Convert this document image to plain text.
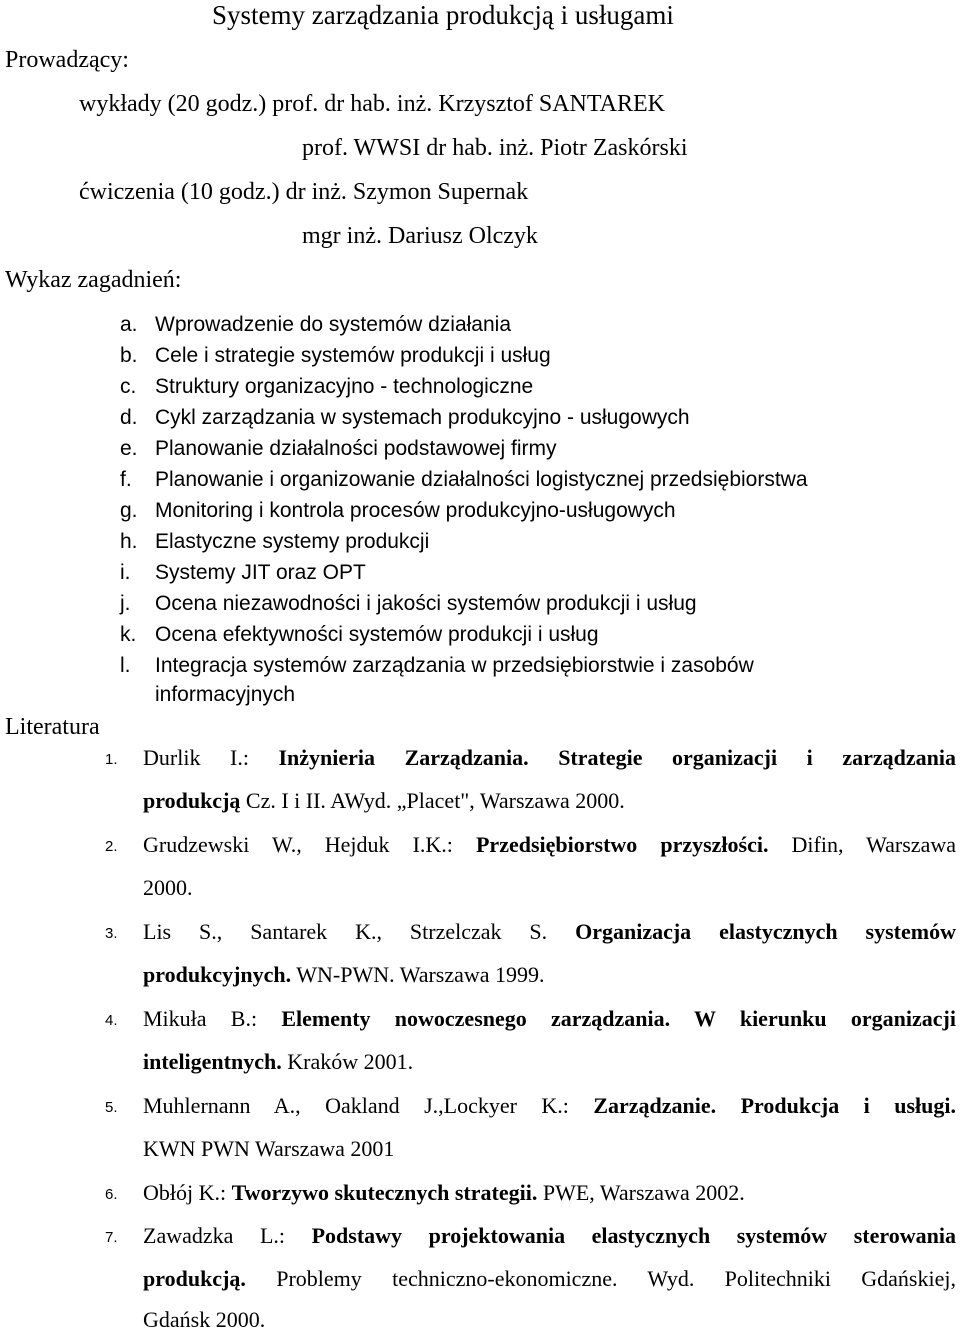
Systemy zarządzania produkcją i usługami
Prowadzący:
wykłady (20 godz.) prof. dr hab. inż. Krzysztof SANTAREK
prof. WWSI dr hab. inż. Piotr Zaskórski
ćwiczenia (10 godz.) dr inż. Szymon Supernak
mgr inż. Dariusz Olczyk
Wykaz zagadnień:
a. Wprowadzenie do systemów działania
b. Cele i strategie systemów produkcji i usług
c. Struktury organizacyjno - technologiczne
d. Cykl zarządzania w systemach produkcyjno - usługowych
e. Planowanie działalności podstawowej firmy
f. Planowanie i organizowanie działalności logistycznej przedsiębiorstwa
g. Monitoring i kontrola procesów produkcyjno-usługowych
h. Elastyczne systemy produkcji
i. Systemy JIT oraz OPT
j. Ocena niezawodności i jakości systemów produkcji i usług
k. Ocena efektywności systemów produkcji i usług
l. Integracja systemów zarządzania w przedsiębiorstwie i zasobów
informacyjnych
Literatura
1. Durlik I.: Inżynieria Zarządzania. Strategie organizacji i zarządzania
produkcją Cz. I i II. AWyd. „Placet", Warszawa 2000.
2. Grudzewski W., Hejduk I.K.: Przedsiębiorstwo przyszłości. Difin, Warszawa
2000.
3. Lis S., Santarek K., Strzelczak S. Organizacja elastycznych systemów
produkcyjnych. WN-PWN. Warszawa 1999.
4. Mikuła B.: Elementy nowoczesnego zarządzania. W kierunku organizacji
inteligentnych. Kraków 2001.
5. Muhlernann A., Oakland J.,Lockyer K.: Zarządzanie. Produkcja i usługi.
KWN PWN Warszawa 2001
6. Obłój K.: Tworzywo skutecznych strategii. PWE, Warszawa 2002.
7. Zawadzka L.: Podstawy projektowania elastycznych systemów sterowania
produkcją. Problemy techniczno-ekonomiczne. Wyd. Politechniki Gdańskiej,
Gdańsk 2000.
